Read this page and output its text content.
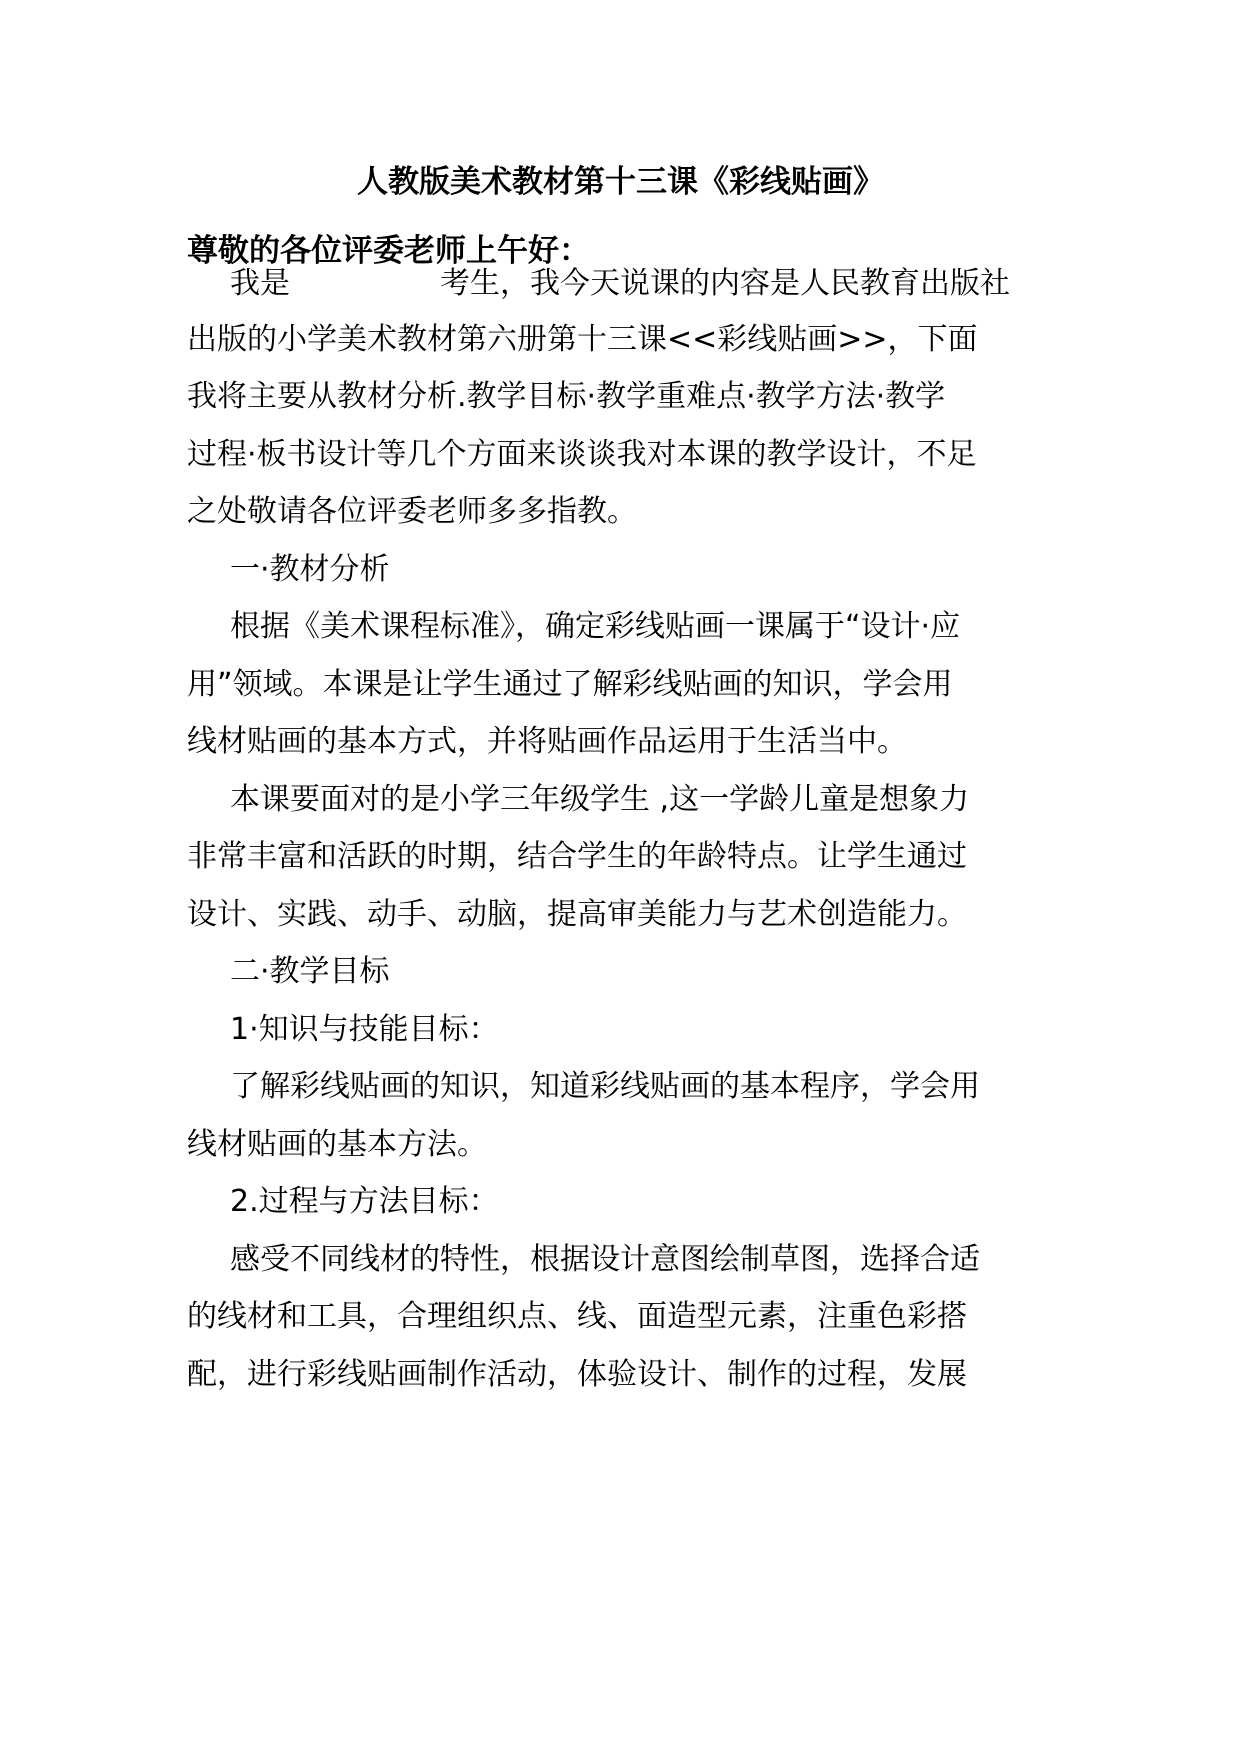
人教版美术教材第十三课《彩线贴画》
尊敬的各位评委老师上午好：
我是　　　　　考生，我今天说课的内容是人民教育出版社
出版的小学美术教材第六册第十三课<<彩线贴画>>，下面
我将主要从教材分析.教学目标·教学重难点·教学方法·教学
过程·板书设计等几个方面来谈谈我对本课的教学设计，不足
之处敬请各位评委老师多多指教。
一·教材分析
根据《美术课程标准》，确定彩线贴画一课属于“设计·应
用”领域。本课是让学生通过了解彩线贴画的知识，学会用
线材贴画的基本方式，并将贴画作品运用于生活当中。
本课要面对的是小学三年级学生 ,这一学龄儿童是想象力
非常丰富和活跃的时期，结合学生的年龄特点。让学生通过
设计、实践、动手、动脑，提高审美能力与艺术创造能力。
二·教学目标
1·知识与技能目标：
了解彩线贴画的知识，知道彩线贴画的基本程序，学会用
线材贴画的基本方法。
2.过程与方法目标：
感受不同线材的特性，根据设计意图绘制草图，选择合适
的线材和工具，合理组织点、线、面造型元素，注重色彩搭
配，进行彩线贴画制作活动，体验设计、制作的过程，发展
